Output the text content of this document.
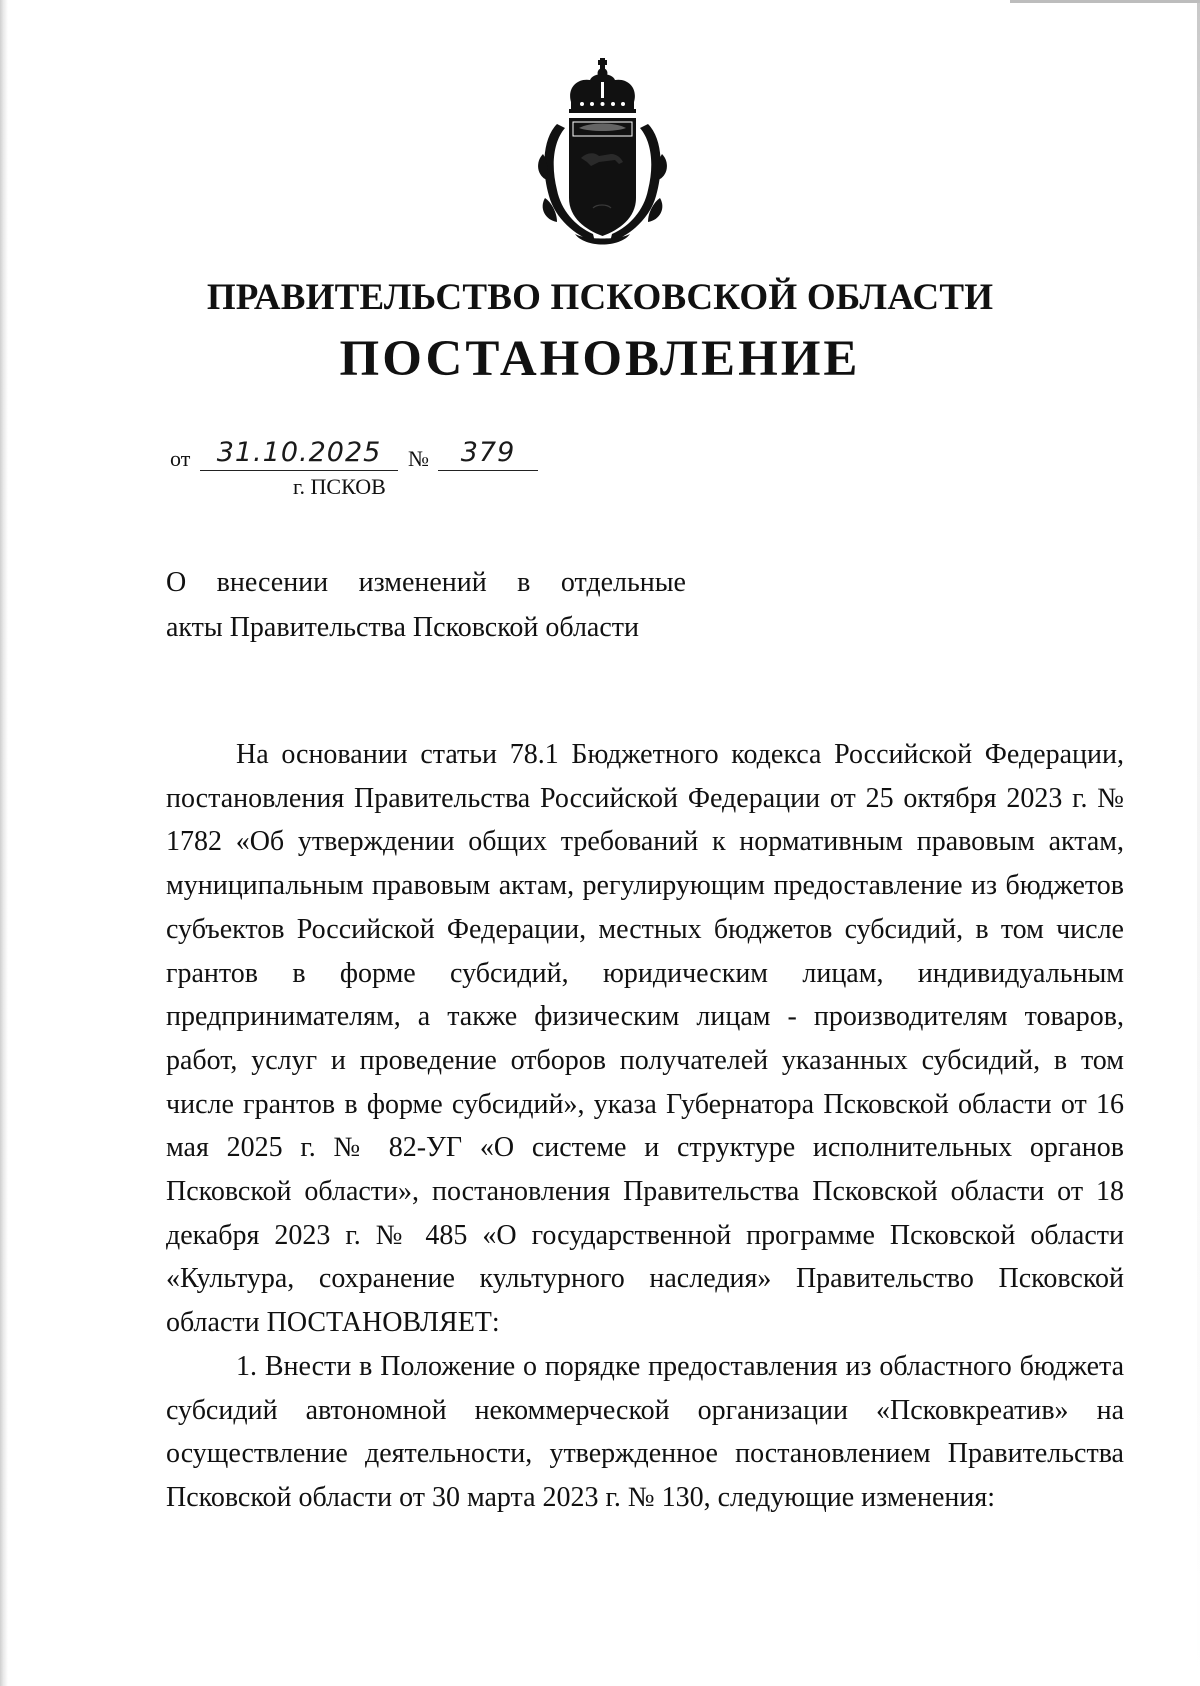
ПРАВИТЕЛЬСТВО ПСКОВСКОЙ ОБЛАСТИ
ПОСТАНОВЛЕНИЕ
от 31.10.2025	№	379
г. ПСКОВ
О внесении изменений в отдельные
акты Правительства Псковской области

На основании статьи 78.1 Бюджетного кодекса Российской Федерации, постановления Правительства Российской Федерации от 25 октября 2023 г. № 1782 «Об утверждении общих требований к нормативным правовым актам, муниципальным правовым актам, регулирующим предоставление из бюджетов субъектов Российской Федерации, местных бюджетов субсидий, в том числе грантов в форме субсидий, юридическим лицам, индивидуальным предпринимателям, а также физическим лицам - производителям товаров, работ, услуг и проведение отборов получателей указанных субсидий, в том числе грантов в форме субсидий», указа Губернатора Псковской области от 16 мая 2025 г. № 82-УГ «О системе и структуре исполнительных органов Псковской области», постановления Правительства Псковской области от 18 декабря 2023 г. № 485 «О государственной программе Псковской области «Культура, сохранение культурного наследия» Правительство Псковской области ПОСТАНОВЛЯЕТ:

1. Внести в Положение о порядке предоставления из областного бюджета субсидий автономной некоммерческой организации «Псковкреатив» на осуществление деятельности, утвержденное постановлением Правительства Псковской области от 30 марта 2023 г. № 130, следующие изменения:
